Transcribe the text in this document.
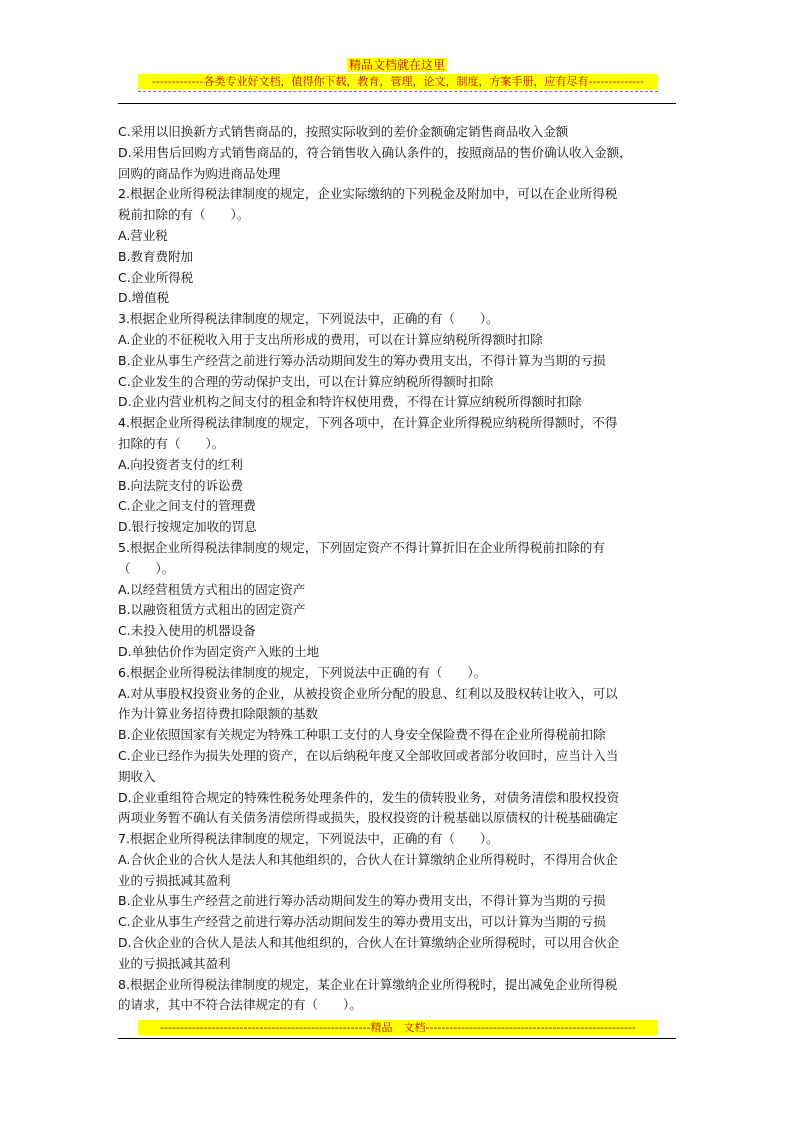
精品文档就在这里
-------------各类专业好文档，值得你下载，教育，管理，论文，制度，方案手册，应有尽有--------------
C.采用以旧换新方式销售商品的，按照实际收到的差价金额确定销售商品收入金额
D.采用售后回购方式销售商品的，符合销售收入确认条件的，按照商品的售价确认收入金额，
回购的商品作为购进商品处理
2.根据企业所得税法律制度的规定，企业实际缴纳的下列税金及附加中，可以在企业所得税
税前扣除的有（　　）。
A.营业税
B.教育费附加
C.企业所得税
D.增值税
3.根据企业所得税法律制度的规定，下列说法中，正确的有（　　）。
A.企业的不征税收入用于支出所形成的费用，可以在计算应纳税所得额时扣除
B.企业从事生产经营之前进行筹办活动期间发生的筹办费用支出，不得计算为当期的亏损
C.企业发生的合理的劳动保护支出，可以在计算应纳税所得额时扣除
D.企业内营业机构之间支付的租金和特许权使用费，不得在计算应纳税所得额时扣除
4.根据企业所得税法律制度的规定，下列各项中，在计算企业所得税应纳税所得额时，不得
扣除的有（　　）。
A.向投资者支付的红利
B.向法院支付的诉讼费
C.企业之间支付的管理费
D.银行按规定加收的罚息
5.根据企业所得税法律制度的规定，下列固定资产不得计算折旧在企业所得税前扣除的有
（　　）。
A.以经营租赁方式租出的固定资产
B.以融资租赁方式租出的固定资产
C.未投入使用的机器设备
D.单独估价作为固定资产入账的土地
6.根据企业所得税法律制度的规定，下列说法中正确的有（　　）。
A.对从事股权投资业务的企业，从被投资企业所分配的股息、红利以及股权转让收入，可以
作为计算业务招待费扣除限额的基数
B.企业依照国家有关规定为特殊工种职工支付的人身安全保险费不得在企业所得税前扣除
C.企业已经作为损失处理的资产，在以后纳税年度又全部收回或者部分收回时，应当计入当
期收入
D.企业重组符合规定的特殊性税务处理条件的，发生的债转股业务，对债务清偿和股权投资
两项业务暂不确认有关债务清偿所得或损失，股权投资的计税基础以原债权的计税基础确定
7.根据企业所得税法律制度的规定，下列说法中，正确的有（　　）。
A.合伙企业的合伙人是法人和其他组织的，合伙人在计算缴纳企业所得税时，不得用合伙企
业的亏损抵减其盈利
B.企业从事生产经营之前进行筹办活动期间发生的筹办费用支出，不得计算为当期的亏损
C.企业从事生产经营之前进行筹办活动期间发生的筹办费用支出，可以计算为当期的亏损
D.合伙企业的合伙人是法人和其他组织的，合伙人在计算缴纳企业所得税时，可以用合伙企
业的亏损抵减其盈利
8.根据企业所得税法律制度的规定，某企业在计算缴纳企业所得税时，提出减免企业所得税
的请求，其中不符合法律规定的有（　　）。
-----------------------------------------------------精品　文档-----------------------------------------------------
